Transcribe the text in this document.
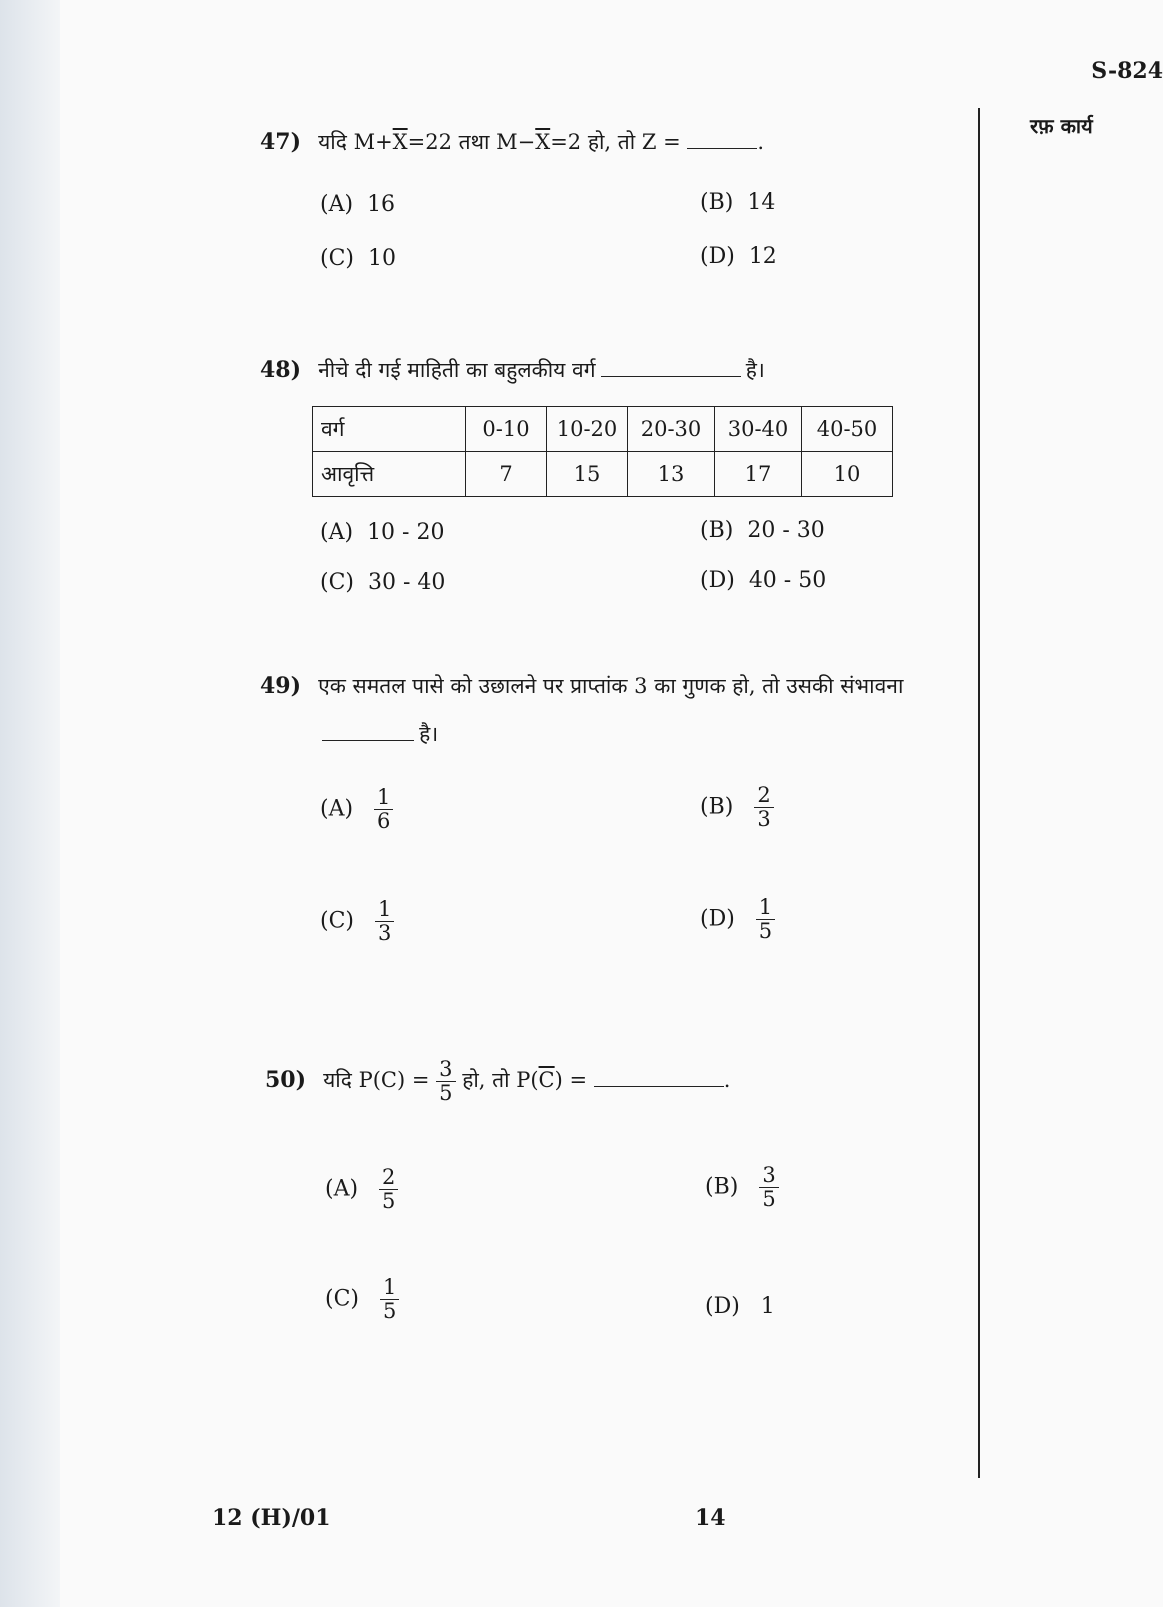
S-824
रफ़ कार्य
47) यदि $M+\overline{X}=22$ तथा $M-\overline{X}=2$ हो, तो Z =	.
(A) 16	(B) 14
(C) 10	(D) 12
48) नीचे दी गई माहिती का बहुलकीय वर्ग	है।
वर्ग	0-10	10-20	20-30	30-40	40-50
आवृत्ति	7	15	13	17	10
(A) 10 - 20	(B) 20 - 30
(C) 30 - 40	(D) 40 - 50
49) एक समतल पासे को उछालने पर प्राप्तांक 3 का गुणक हो, तो उसकी संभावना
है।
$(A) \frac{1}{6}$	$(B) \frac{2}{3}$
$(C) \frac{1}{3}$	$(D) \frac{1}{5}$
50) यदि $P(C) = \frac{3}{5}$ हो, तो $P(\overline{C})$ =	.
$(A) \frac{2}{5}$	$(B) \frac{3}{5}$
$(C) \frac{1}{5}$	(D) 1
12 (H)/01	14
